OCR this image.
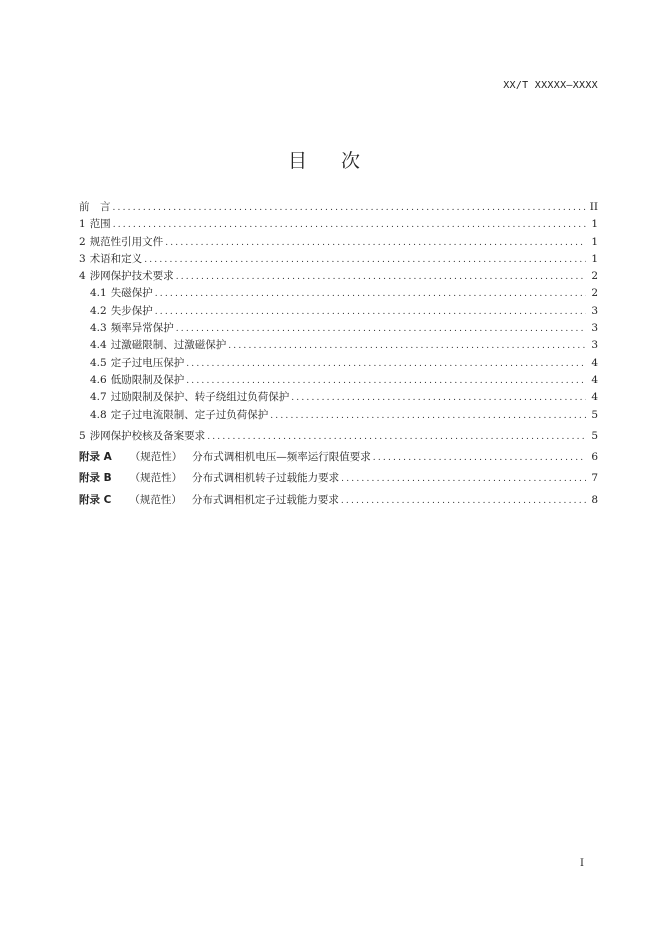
XX/T XXXXX—XXXX
目 次
前　言 .....	II
1 范围 .....	1
2 规范性引用文件 .....	1
3 术语和定义 .....	1
4 涉网保护技术要求 .....	2
4.1 失磁保护 .....	2
4.2 失步保护 .....	3
4.3 频率异常保护 .....	3
4.4 过激磁限制、过激磁保护 .....	3
4.5 定子过电压保护 .....	4
4.6 低励限制及保护 .....	4
4.7 过励限制及保护、转子绕组过负荷保护 .....	4
4.8 定子过电流限制、定子过负荷保护 .....	5
5 涉网保护校核及备案要求 .....	5
附录 A （规范性） 分布式调相机电压—频率运行限值要求 .....	6
附录 B （规范性） 分布式调相机转子过载能力要求 .....	7
附录 C （规范性） 分布式调相机定子过载能力要求 .....	8
I
